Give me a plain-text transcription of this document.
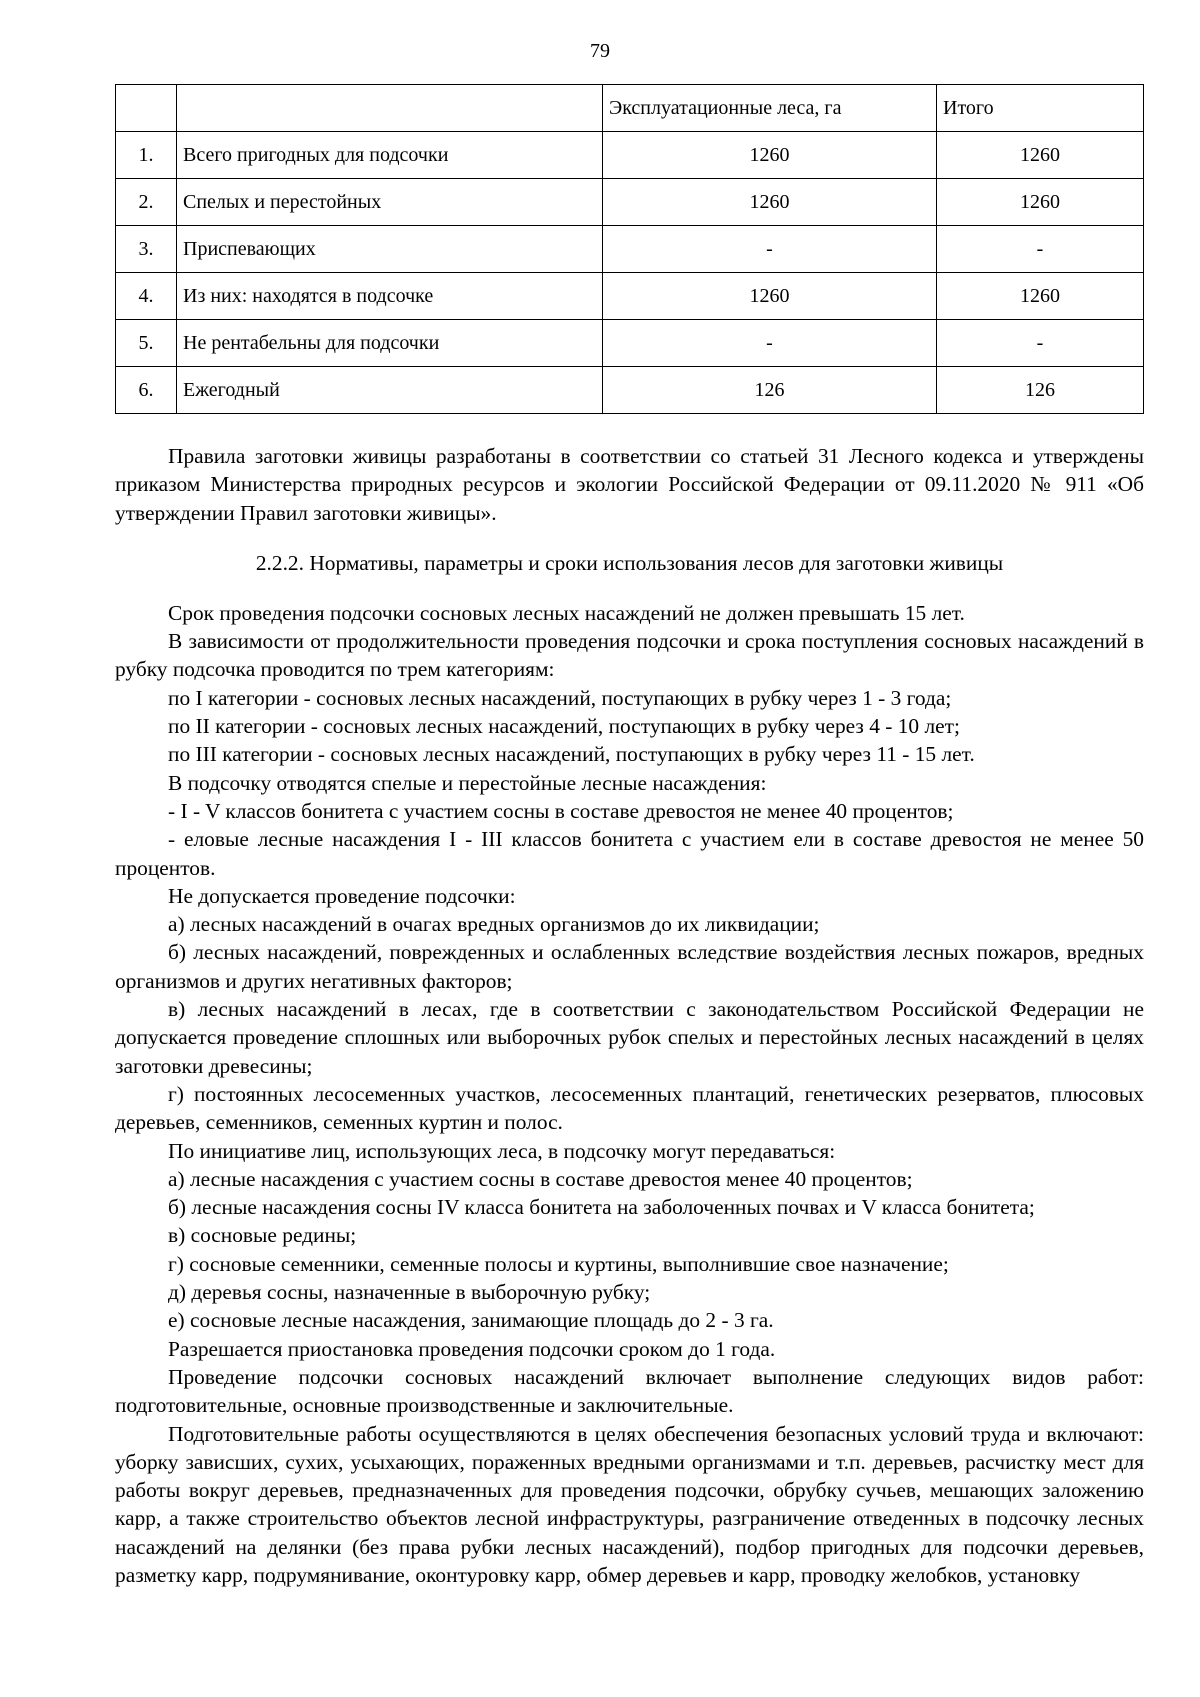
79
		Эксплуатационные леса, га	Итого
1.	Всего пригодных для подсочки	1260	1260
2.	Спелых и перестойных	1260	1260
3.	Приспевающих	-	-
4.	Из них: находятся в подсочке	1260	1260
5.	Не рентабельны для подсочки	-	-
6.	Ежегодный	126	126

Правила заготовки живицы разработаны в соответствии со статьей 31 Лесного кодекса и утверждены приказом Министерства природных ресурсов и экологии Российской Федерации от 09.11.2020 № 911 «Об утверждении Правил заготовки живицы».

2.2.2. Нормативы, параметры и сроки использования лесов для заготовки живицы

Срок проведения подсочки сосновых лесных насаждений не должен превышать 15 лет.

В зависимости от продолжительности проведения подсочки и срока поступления сосновых насаждений в рубку подсочка проводится по трем категориям:

по I категории - сосновых лесных насаждений, поступающих в рубку через 1 - 3 года;

по II категории - сосновых лесных насаждений, поступающих в рубку через 4 - 10 лет;

по III категории - сосновых лесных насаждений, поступающих в рубку через 11 - 15 лет.

В подсочку отводятся спелые и перестойные лесные насаждения:

- I - V классов бонитета с участием сосны в составе древостоя не менее 40 процентов;

- еловые лесные насаждения I - III классов бонитета с участием ели в составе древостоя не менее 50 процентов.

Не допускается проведение подсочки:

а) лесных насаждений в очагах вредных организмов до их ликвидации;

б) лесных насаждений, поврежденных и ослабленных вследствие воздействия лесных пожаров, вредных организмов и других негативных факторов;

в) лесных насаждений в лесах, где в соответствии с законодательством Российской Федерации не допускается проведение сплошных или выборочных рубок спелых и перестойных лесных насаждений в целях заготовки древесины;

г) постоянных лесосеменных участков, лесосеменных плантаций, генетических резерватов, плюсовых деревьев, семенников, семенных куртин и полос.

По инициативе лиц, использующих леса, в подсочку могут передаваться:

а) лесные насаждения с участием сосны в составе древостоя менее 40 процентов;

б) лесные насаждения сосны IV класса бонитета на заболоченных почвах и V класса бонитета;

в) сосновые редины;

г) сосновые семенники, семенные полосы и куртины, выполнившие свое назначение;

д) деревья сосны, назначенные в выборочную рубку;

е) сосновые лесные насаждения, занимающие площадь до 2 - 3 га.

Разрешается приостановка проведения подсочки сроком до 1 года.

Проведение подсочки сосновых насаждений включает выполнение следующих видов работ: подготовительные, основные производственные и заключительные.

Подготовительные работы осуществляются в целях обеспечения безопасных условий труда и включают: уборку зависших, сухих, усыхающих, пораженных вредными организмами и т.п. деревьев, расчистку мест для работы вокруг деревьев, предназначенных для проведения подсочки, обрубку сучьев, мешающих заложению карр, а также строительство объектов лесной инфраструктуры, разграничение отведенных в подсочку лесных насаждений на делянки (без права рубки лесных насаждений), подбор пригодных для подсочки деревьев, разметку карр, подрумянивание, оконтуровку карр, обмер деревьев и карр, проводку желобков, установку
